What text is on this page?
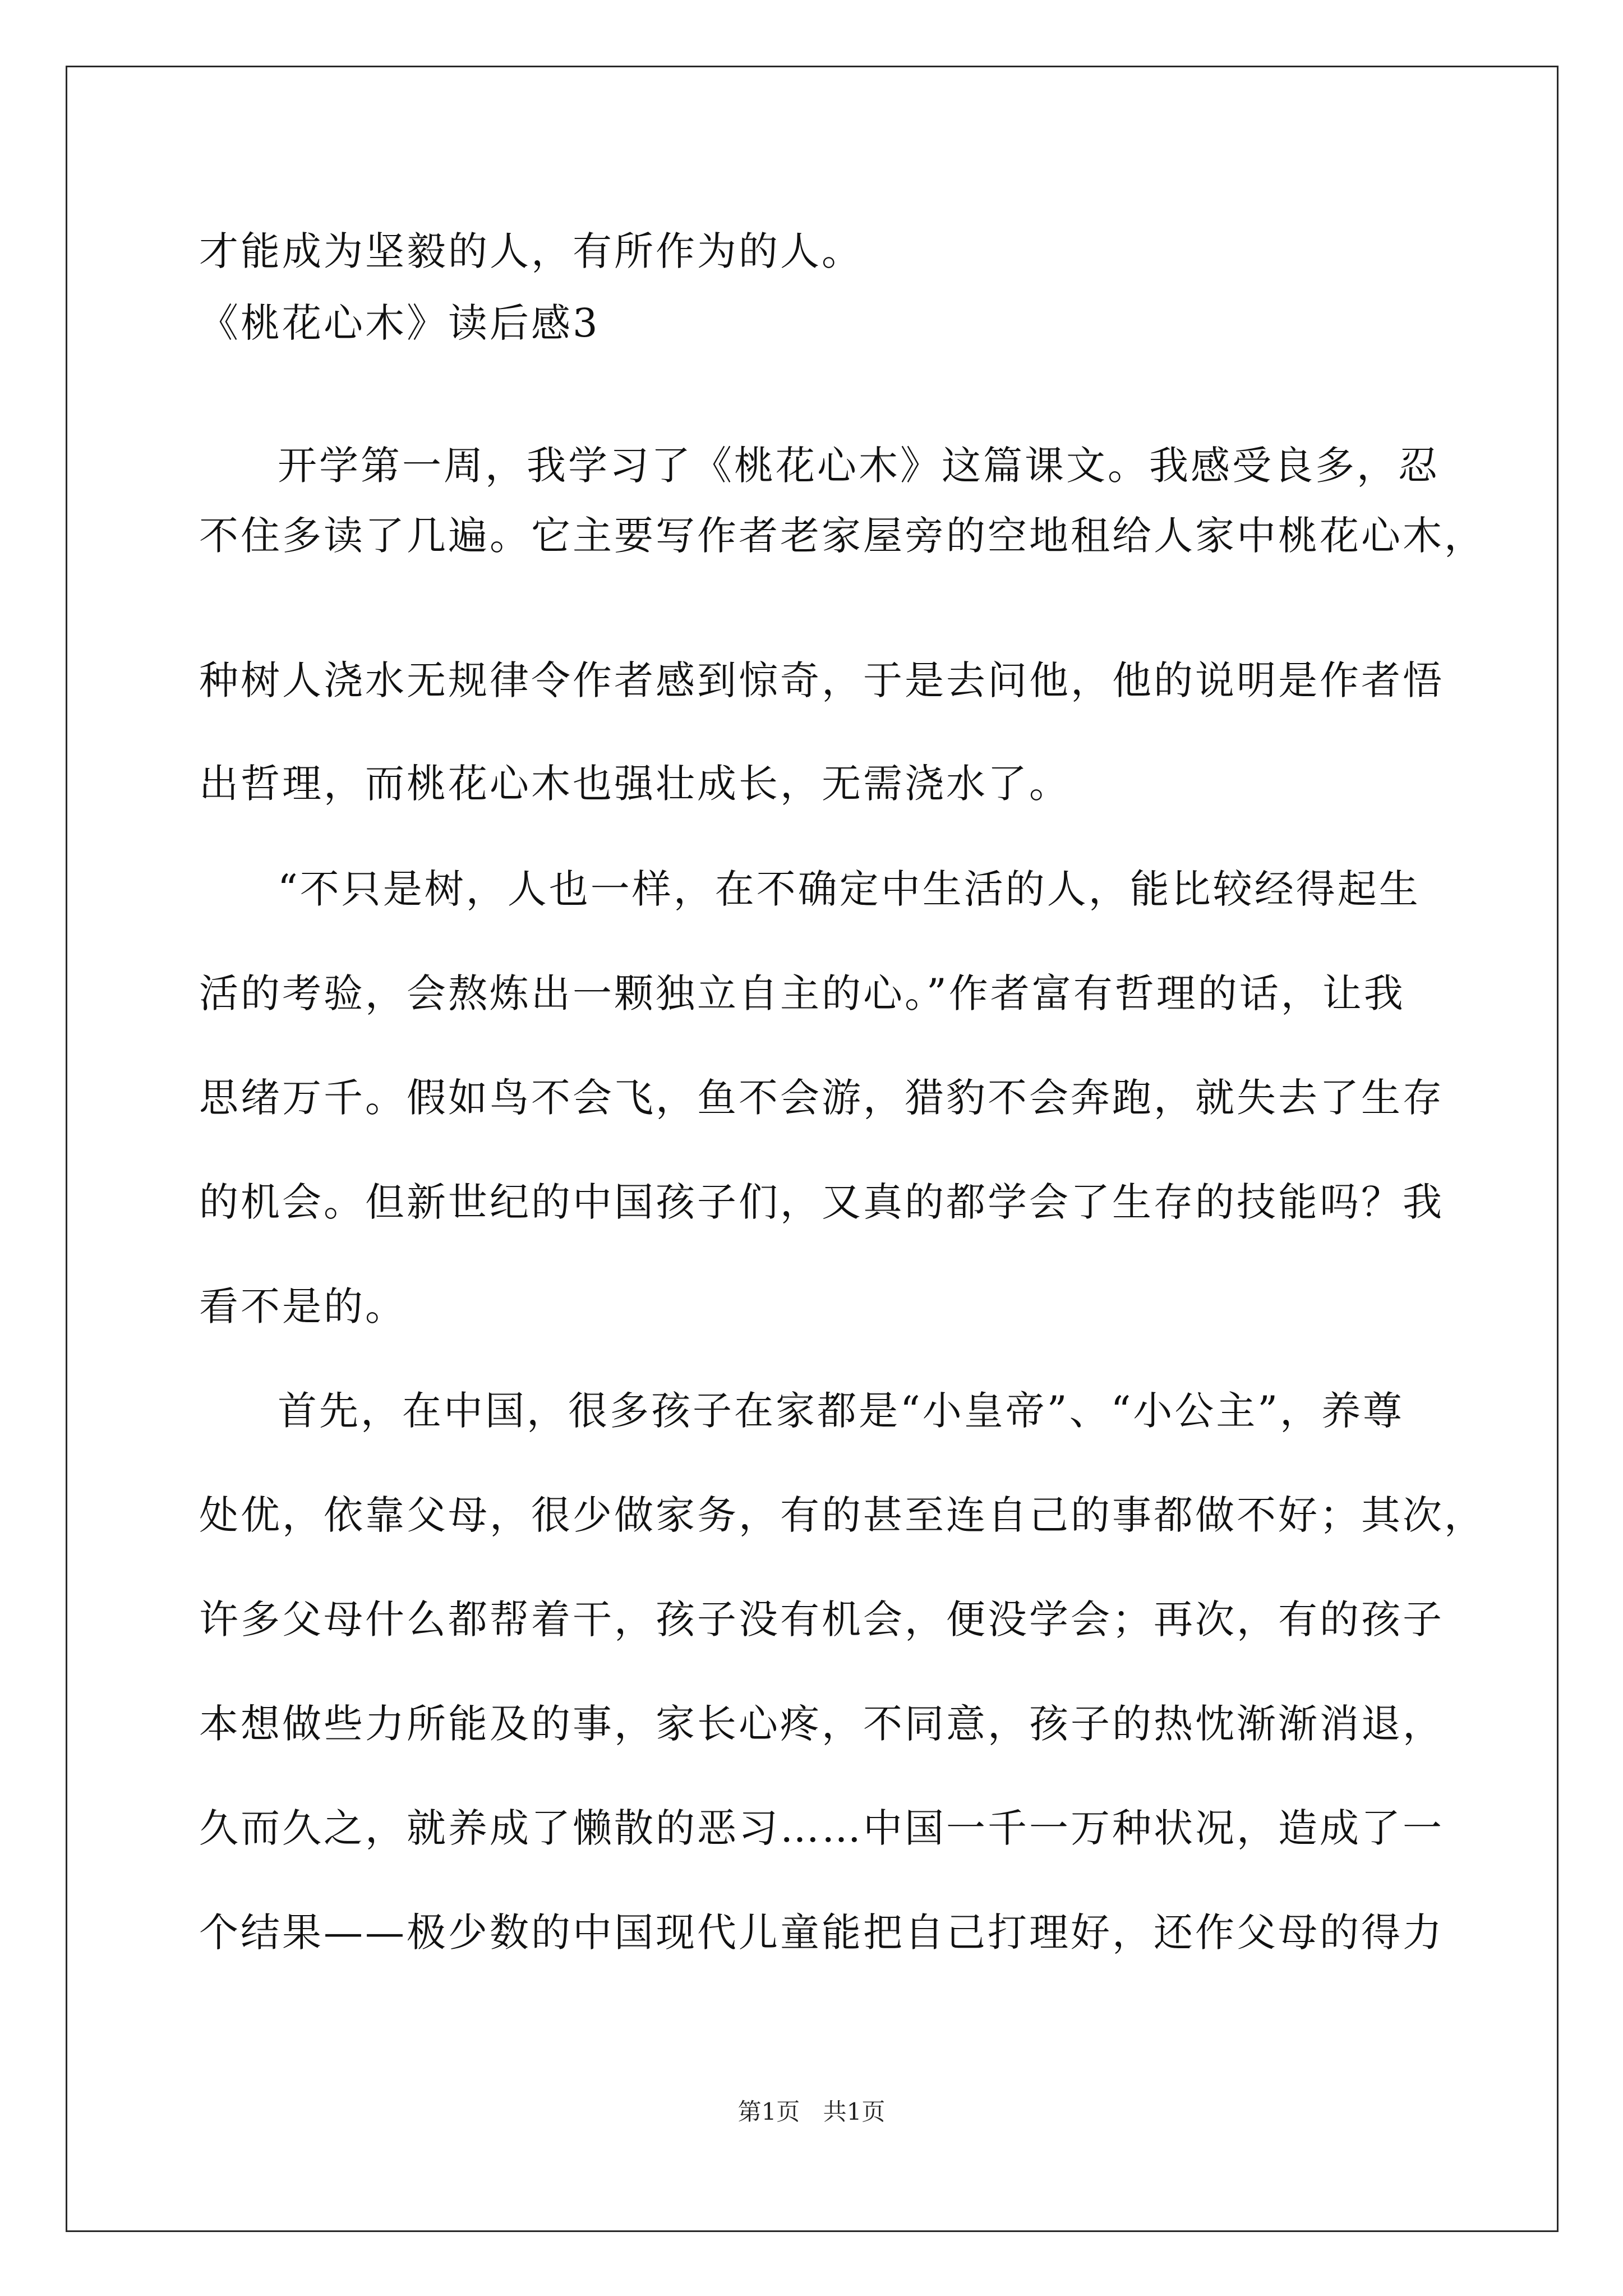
才能成为坚毅的人，有所作为的人。
《桃花心木》读后感3
开学第一周，我学习了《桃花心木》这篇课文。我感受良多，忍
不住多读了几遍。它主要写作者老家屋旁的空地租给人家中桃花心木，
种树人浇水无规律令作者感到惊奇，于是去问他，他的说明是作者悟
出哲理，而桃花心木也强壮成长，无需浇水了。
“不只是树，人也一样，在不确定中生活的人，能比较经得起生
活的考验，会熬炼出一颗独立自主的心。”作者富有哲理的话，让我
思绪万千。假如鸟不会飞，鱼不会游，猎豹不会奔跑，就失去了生存
的机会。但新世纪的中国孩子们，又真的都学会了生存的技能吗？我
看不是的。
首先，在中国，很多孩子在家都是“小皇帝”、“小公主”，养尊
处优，依靠父母，很少做家务，有的甚至连自己的事都做不好；其次，
许多父母什么都帮着干，孩子没有机会，便没学会；再次，有的孩子
本想做些力所能及的事，家长心疼，不同意，孩子的热忱渐渐消退，
久而久之，就养成了懒散的恶习……中国一千一万种状况，造成了一
个结果——极少数的中国现代儿童能把自己打理好，还作父母的得力
第1页 共1页
